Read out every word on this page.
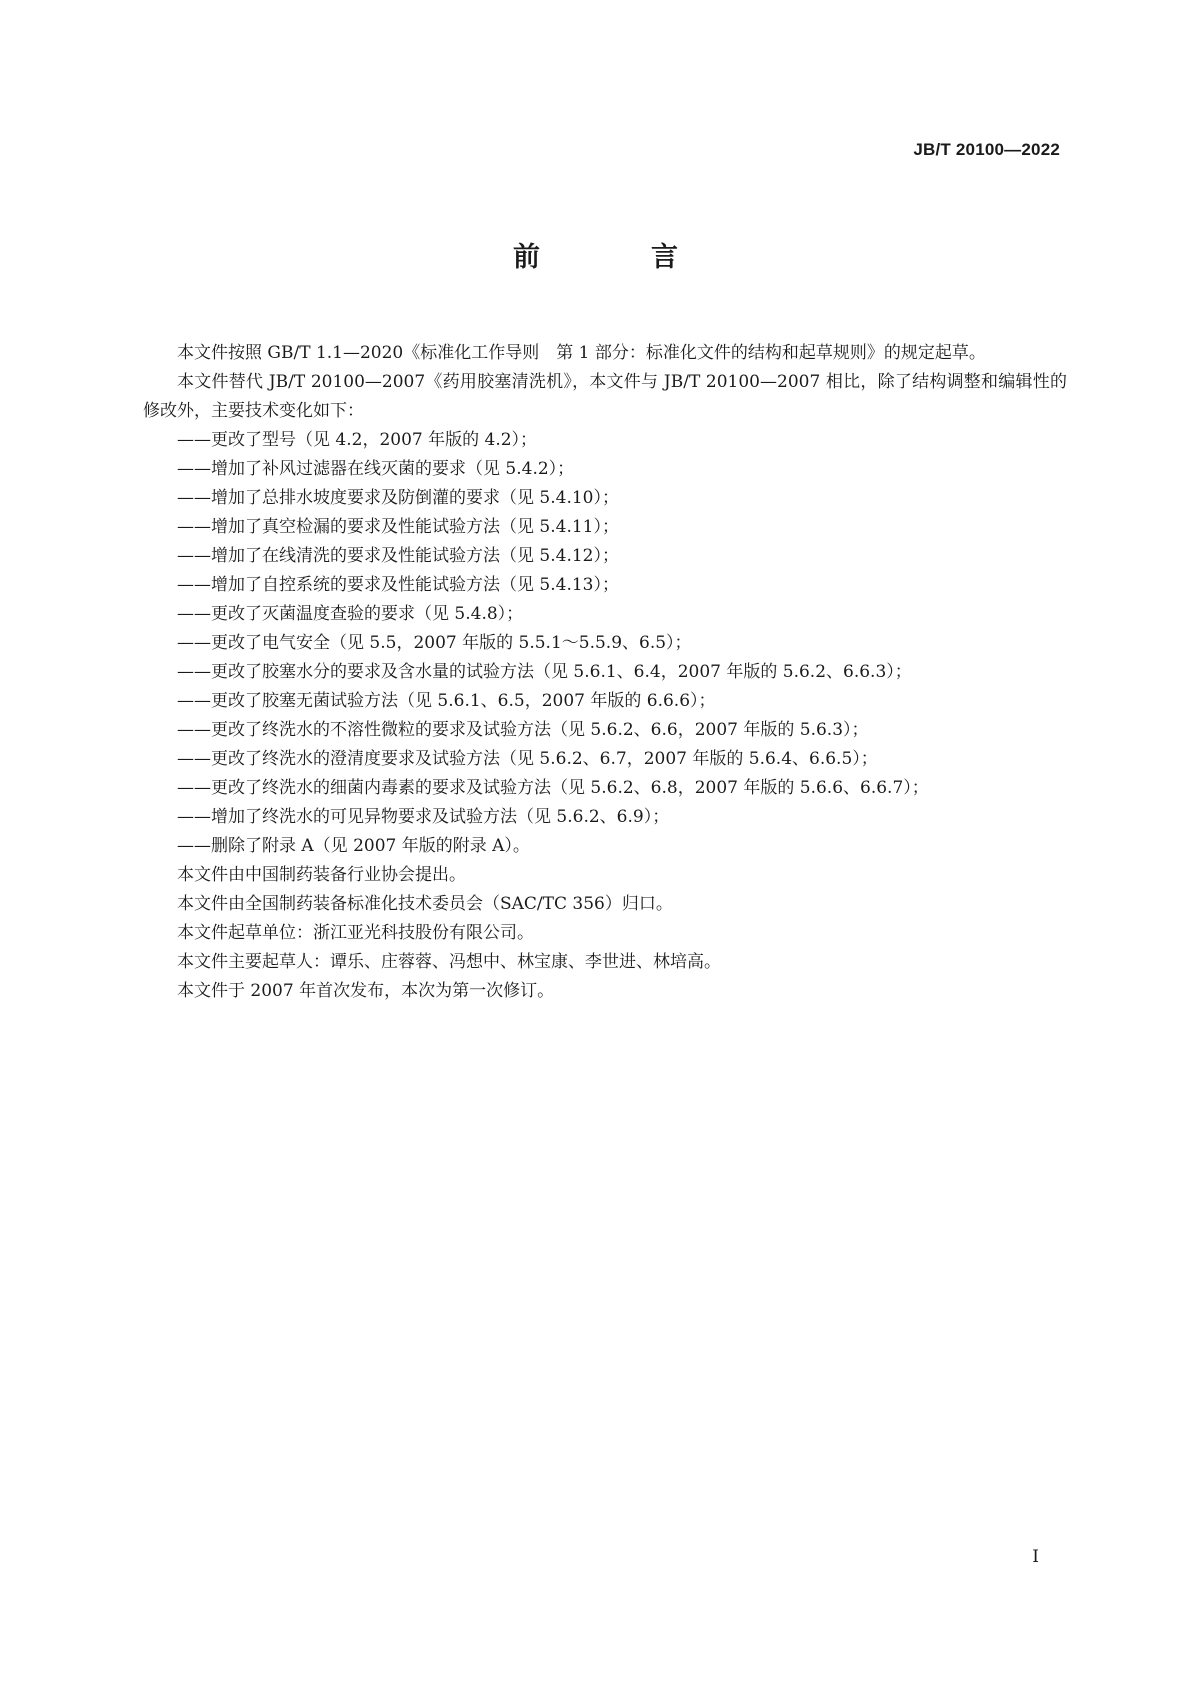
JB/T 20100—2022
前　言

本文件按照 GB/T 1.1—2020《标准化工作导则　第 1 部分：标准化文件的结构和起草规则》的规定起草。

本文件替代 JB/T 20100—2007《药用胶塞清洗机》，本文件与 JB/T 20100—2007 相比，除了结构调整和编辑性的修改外，主要技术变化如下：

——更改了型号（见 4.2，2007 年版的 4.2）；

——增加了补风过滤器在线灭菌的要求（见 5.4.2）；

——增加了总排水坡度要求及防倒灌的要求（见 5.4.10）；

——增加了真空检漏的要求及性能试验方法（见 5.4.11）；

——增加了在线清洗的要求及性能试验方法（见 5.4.12）；

——增加了自控系统的要求及性能试验方法（见 5.4.13）；

——更改了灭菌温度查验的要求（见 5.4.8）；

——更改了电气安全（见 5.5，2007 年版的 5.5.1～5.5.9、6.5）；

——更改了胶塞水分的要求及含水量的试验方法（见 5.6.1、6.4，2007 年版的 5.6.2、6.6.3）；

——更改了胶塞无菌试验方法（见 5.6.1、6.5，2007 年版的 6.6.6）；

——更改了终洗水的不溶性微粒的要求及试验方法（见 5.6.2、6.6，2007 年版的 5.6.3）；

——更改了终洗水的澄清度要求及试验方法（见 5.6.2、6.7，2007 年版的 5.6.4、6.6.5）；

——更改了终洗水的细菌内毒素的要求及试验方法（见 5.6.2、6.8，2007 年版的 5.6.6、6.6.7）；

——增加了终洗水的可见异物要求及试验方法（见 5.6.2、6.9）；

——删除了附录 A（见 2007 年版的附录 A）。

本文件由中国制药装备行业协会提出。

本文件由全国制药装备标准化技术委员会（SAC/TC 356）归口。

本文件起草单位：浙江亚光科技股份有限公司。

本文件主要起草人：谭乐、庄蓉蓉、冯想中、林宝康、李世进、林培高。

本文件于 2007 年首次发布，本次为第一次修订。

I
